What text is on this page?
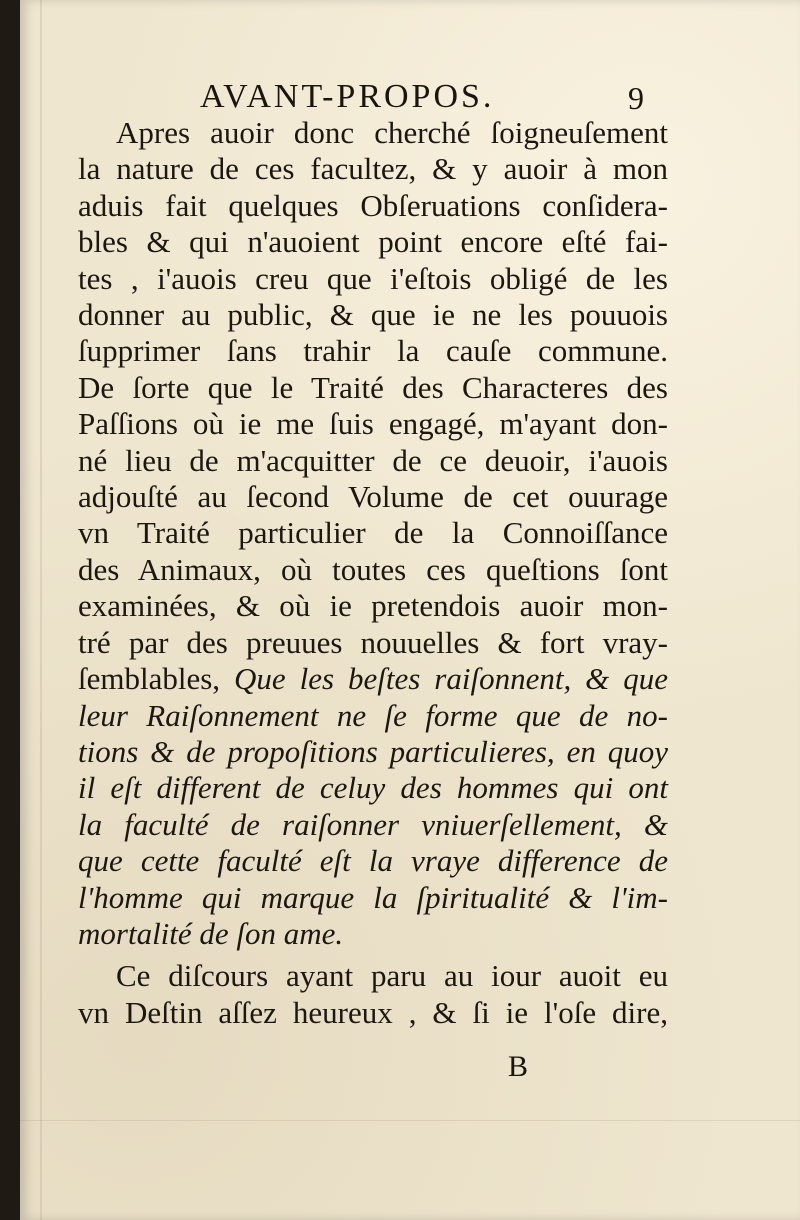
AVANT-PROPOS.	9
Apres auoir donc cherché ſoigneuſement
la nature de ces facultez, & y auoir à mon
aduis fait quelques Obſeruations conſidera-
bles & qui n'auoient point encore eſté fai-
tes , i'auois creu que i'eſtois obligé de les
donner au public, & que ie ne les pouuois
ſupprimer ſans trahir la cauſe commune.
De ſorte que le Traité des Characteres des
Paſſions où ie me ſuis engagé, m'ayant don-
né lieu de m'acquitter de ce deuoir, i'auois
adjouſté au ſecond Volume de cet ouurage
vn Traité particulier de la Connoiſſance
des Animaux, où toutes ces queſtions ſont
examinées, & où ie pretendois auoir mon-
tré par des preuues nouuelles & fort vray-
ſemblables, Que les beſtes raiſonnent, & que
leur Raiſonnement ne ſe forme que de no-
tions & de propoſitions particulieres, en quoy
il eſt different de celuy des hommes qui ont
la faculté de raiſonner vniuerſellement, &
que cette faculté eſt la vraye difference de
l'homme qui marque la ſpiritualité & l'im-
mortalité de ſon ame.
Ce diſcours ayant paru au iour auoit eu
vn Deſtin aſſez heureux , & ſi ie l'oſe dire,
B
